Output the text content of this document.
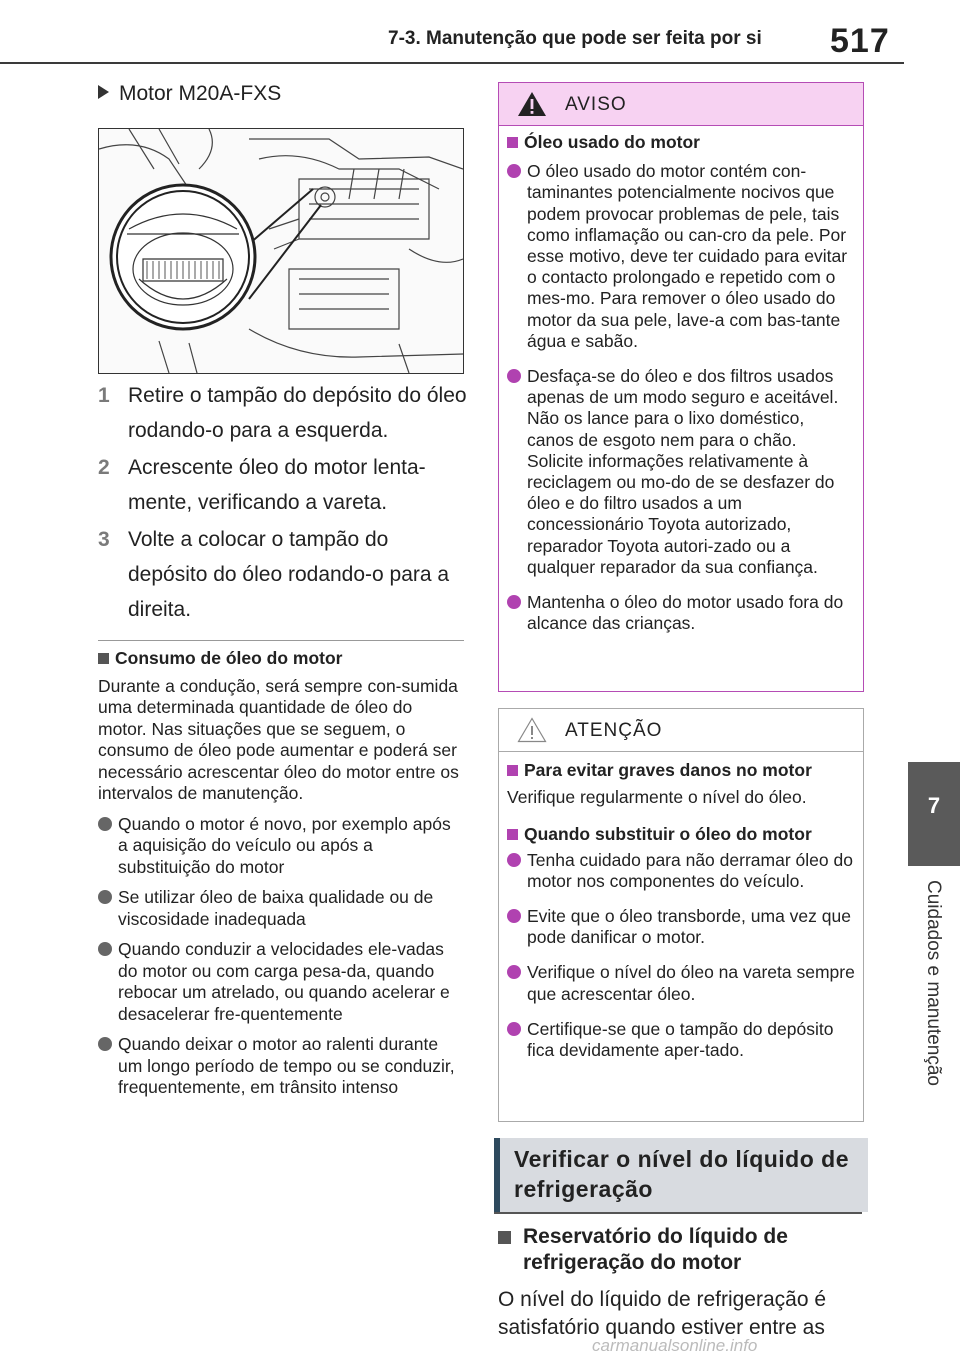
7-3. Manutenção que pode ser feita por si 517
7
Cuidados e manutenção
Motor M20A-FXS
1 Retire o tampão do depósito do óleo rodando-o para a esquerda.
2 Acrescente óleo do motor lenta-mente, verificando a vareta.
3 Volte a colocar o tampão do depósito do óleo rodando-o para a direita.
Consumo de óleo do motor

Durante a condução, será sempre con-sumida uma determinada quantidade de óleo do motor. Nas situações que se seguem, o consumo de óleo pode aumentar e poderá ser necessário acrescentar óleo do motor entre os intervalos de manutenção.

Quando o motor é novo, por exemplo após a aquisição do veículo ou após a substituição do motor
Se utilizar óleo de baixa qualidade ou de viscosidade inadequada
Quando conduzir a velocidades ele-vadas do motor ou com carga pesa-da, quando rebocar um atrelado, ou quando acelerar e desacelerar fre-quentemente
Quando deixar o motor ao ralenti durante um longo período de tempo ou se conduzir, frequentemente, em trânsito intenso
AVISO
Óleo usado do motor
O óleo usado do motor contém con-taminantes potencialmente nocivos que podem provocar problemas de pele, tais como inflamação ou can-cro da pele. Por esse motivo, deve ter cuidado para evitar o contacto prolongado e repetido com o mes-mo. Para remover o óleo usado do motor da sua pele, lave-a com bas-tante água e sabão.
Desfaça-se do óleo e dos filtros usados apenas de um modo seguro e aceitável. Não os lance para o lixo doméstico, canos de esgoto nem para o chão. Solicite informações relativamente à reciclagem ou mo-do de se desfazer do óleo e do filtro usados a um concessionário Toyota autorizado, reparador Toyota autori-zado ou a qualquer reparador da sua confiança.
Mantenha o óleo do motor usado fora do alcance das crianças.
ATENÇÃO
Para evitar graves danos no motor
Verifique regularmente o nível do óleo.
Quando substituir o óleo do motor
Tenha cuidado para não derramar óleo do motor nos componentes do veículo.
Evite que o óleo transborde, uma vez que pode danificar o motor.
Verifique o nível do óleo na vareta sempre que acrescentar óleo.
Certifique-se que o tampão do depósito fica devidamente aper-tado.
Verificar o nível do líquido de refrigeração
Reservatório do líquido de refrigeração do motor
O nível do líquido de refrigeração é satisfatório quando estiver entre as
carmanualsonline.info
